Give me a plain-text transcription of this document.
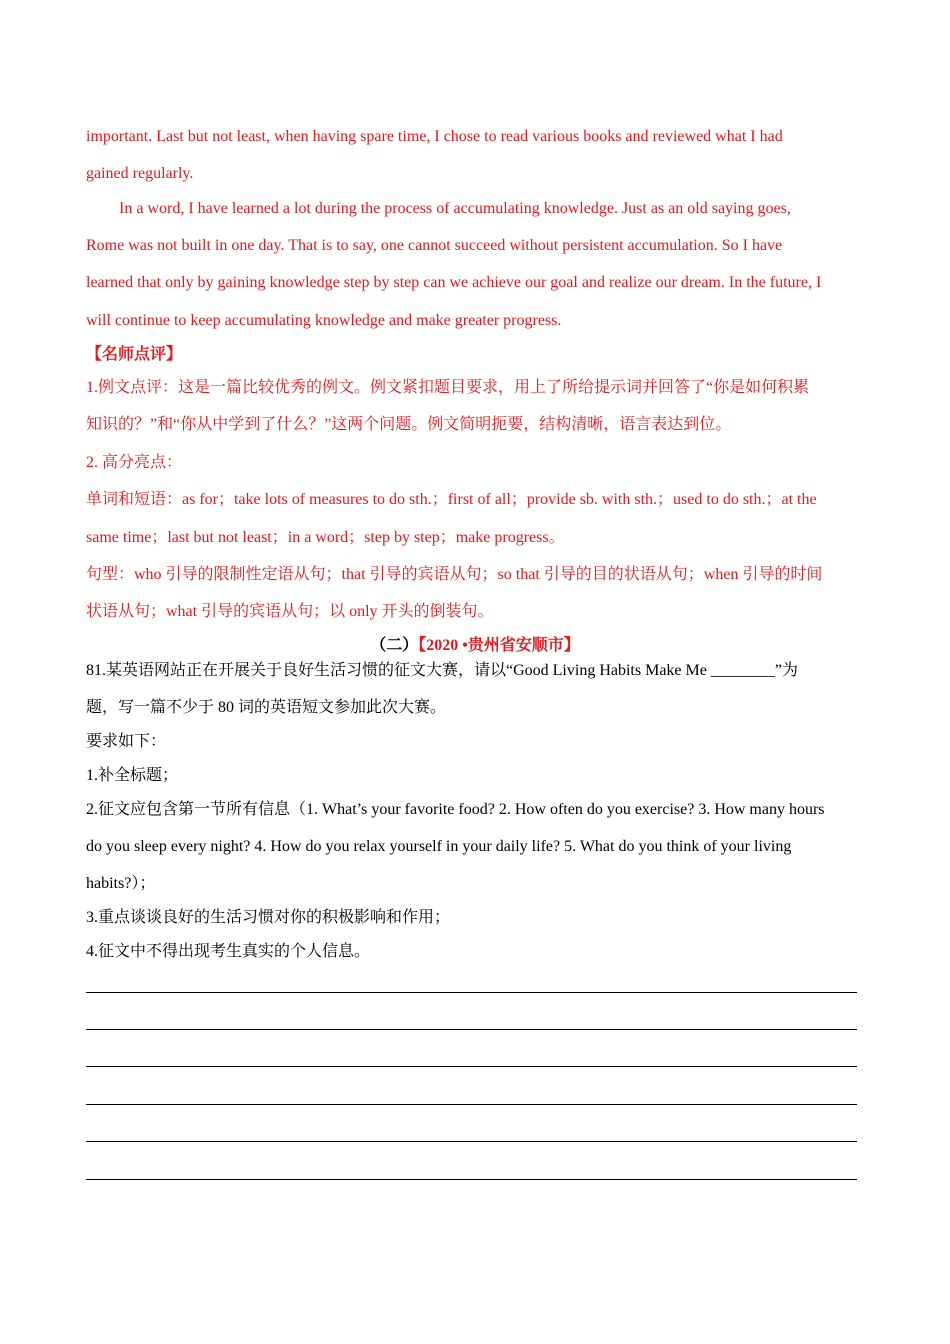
important. Last but not least, when having spare time, I chose to read various books and reviewed what I had
gained regularly.
In a word, I have learned a lot during the process of accumulating knowledge. Just as an old saying goes,
Rome was not built in one day. That is to say, one cannot succeed without persistent accumulation. So I have
learned that only by gaining knowledge step by step can we achieve our goal and realize our dream. In the future, I
will continue to keep accumulating knowledge and make greater progress.
【名师点评】
1.例文点评：这是一篇比较优秀的例文。例文紧扣题目要求，用上了所给提示词并回答了“你是如何积累
知识的？”和“你从中学到了什么？”这两个问题。例文简明扼要，结构清晰，语言表达到位。
2. 高分亮点：
单词和短语：as for；take lots of measures to do sth.；first of all；provide sb. with sth.；used to do sth.；at the
same time；last but not least；in a word；step by step；make progress。
句型：who 引导的限制性定语从句；that 引导的宾语从句；so that 引导的目的状语从句；when 引导的时间
状语从句；what 引导的宾语从句；以 only 开头的倒装句。
（二）【2020 •贵州省安顺市】
81.某英语网站正在开展关于良好生活习惯的征文大赛，请以“Good Living Habits Make Me ________”为
题，写一篇不少于 80 词的英语短文参加此次大赛。
要求如下：
1.补全标题；
2.征文应包含第一节所有信息（1. What’s your favorite food? 2. How often do you exercise? 3. How many hours
do you sleep every night? 4. How do you relax yourself in your daily life? 5. What do you think of your living
habits?）；
3.重点谈谈良好的生活习惯对你的积极影响和作用；
4.征文中不得出现考生真实的个人信息。
